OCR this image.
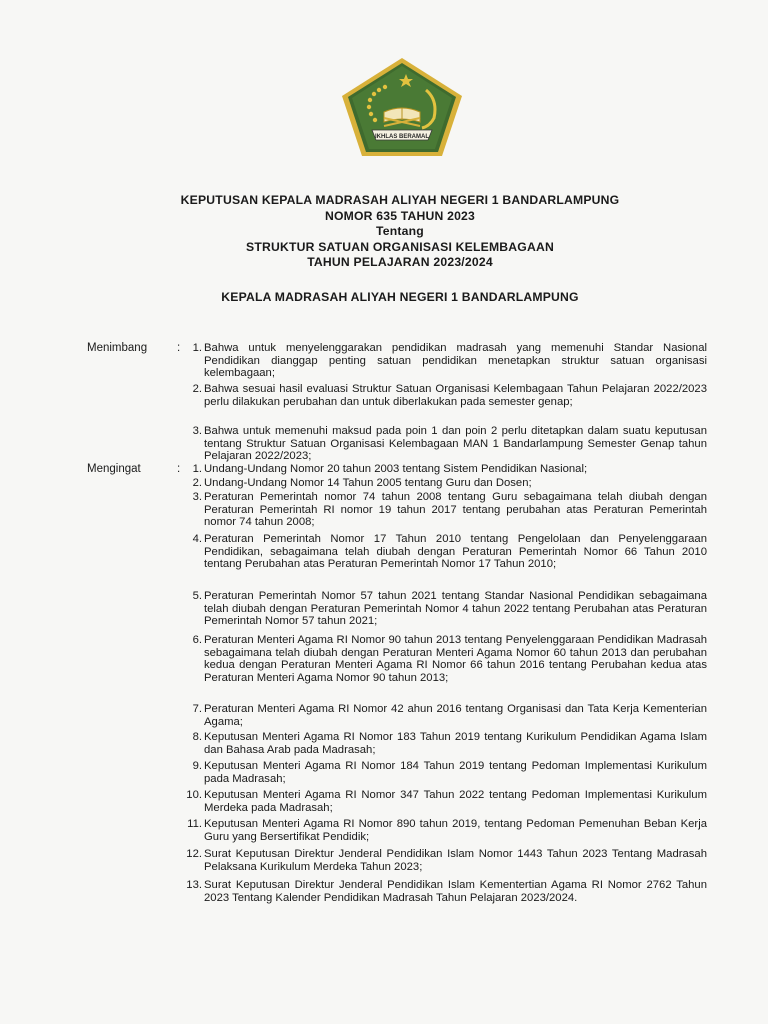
IKHLAS BERAMAL
KEPUTUSAN KEPALA MADRASAH ALIYAH NEGERI 1 BANDARLAMPUNG
NOMOR 635 TAHUN 2023
Tentang
STRUKTUR SATUAN ORGANISASI KELEMBAGAAN
TAHUN PELAJARAN 2023/2024
KEPALA MADRASAH ALIYAH NEGERI 1 BANDARLAMPUNG
Menimbang	:	1. Bahwa untuk menyelenggarakan pendidikan madrasah yang memenuhi Standar Nasional Pendidikan dianggap penting satuan pendidikan menetapkan struktur satuan organisasi kelembagaan;
2. Bahwa sesuai hasil evaluasi Struktur Satuan Organisasi Kelembagaan Tahun Pelajaran 2022/2023 perlu dilakukan perubahan dan untuk diberlakukan pada semester genap;
3. Bahwa untuk memenuhi maksud pada poin 1 dan poin 2 perlu ditetapkan dalam suatu keputusan tentang Struktur Satuan Organisasi Kelembagaan MAN 1 Bandarlampung Semester Genap tahun Pelajaran 2022/2023;
Mengingat	:	1. Undang-Undang Nomor 20 tahun 2003 tentang Sistem Pendidikan Nasional;
2. Undang-Undang Nomor 14 Tahun 2005 tentang Guru dan Dosen;
3. Peraturan Pemerintah nomor 74 tahun 2008 tentang Guru sebagaimana telah diubah dengan Peraturan Pemerintah RI nomor 19 tahun 2017 tentang perubahan atas Peraturan Pemerintah nomor 74 tahun 2008;
4. Peraturan Pemerintah Nomor 17 Tahun 2010 tentang Pengelolaan dan Penyelenggaraan Pendidikan, sebagaimana telah diubah dengan Peraturan Pemerintah Nomor 66 Tahun 2010 tentang Perubahan atas Peraturan Pemerintah Nomor 17 Tahun 2010;
5. Peraturan Pemerintah Nomor 57 tahun 2021 tentang Standar Nasional Pendidikan sebagaimana telah diubah dengan Peraturan Pemerintah Nomor 4 tahun 2022 tentang Perubahan atas Peraturan Pemerintah Nomor 57 tahun 2021;
6. Peraturan Menteri Agama RI Nomor 90 tahun 2013 tentang Penyelenggaraan Pendidikan Madrasah sebagaimana telah diubah dengan Peraturan Menteri Agama Nomor 60 tahun 2013 dan perubahan kedua dengan Peraturan Menteri Agama RI Nomor 66 tahun 2016 tentang Perubahan kedua atas Peraturan Menteri Agama Nomor 90 tahun 2013;
7. Peraturan Menteri Agama RI Nomor 42 ahun 2016 tentang Organisasi dan Tata Kerja Kementerian Agama;
8. Keputusan Menteri Agama RI Nomor 183 Tahun 2019 tentang Kurikulum Pendidikan Agama Islam dan Bahasa Arab pada Madrasah;
9. Keputusan Menteri Agama RI Nomor 184 Tahun 2019 tentang Pedoman Implementasi Kurikulum pada Madrasah;
10. Keputusan Menteri Agama RI Nomor 347 Tahun 2022 tentang Pedoman Implementasi Kurikulum Merdeka pada Madrasah;
11. Keputusan Menteri Agama RI Nomor 890 tahun 2019, tentang Pedoman Pemenuhan Beban Kerja Guru yang Bersertifikat Pendidik;
12. Surat Keputusan Direktur Jenderal Pendidikan Islam Nomor 1443 Tahun 2023 Tentang Madrasah Pelaksana Kurikulum Merdeka Tahun 2023;
13. Surat Keputusan Direktur Jenderal Pendidikan Islam Kementertian Agama RI Nomor 2762 Tahun 2023 Tentang Kalender Pendidikan Madrasah Tahun Pelajaran 2023/2024.
